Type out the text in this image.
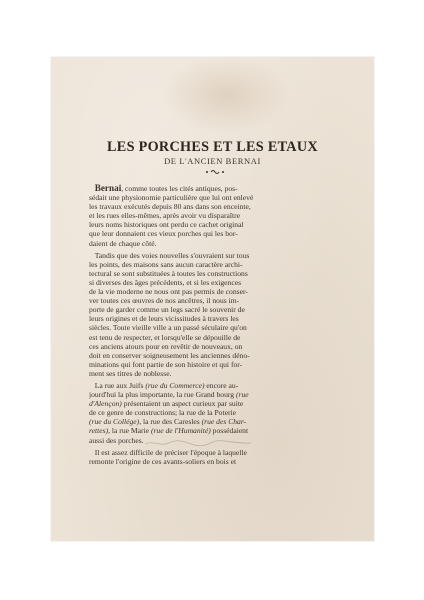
LES PORCHES ET LES ETAUX
DE L'ANCIEN BERNAI
Bernai, comme toutes les cités antiques, pos-
sédait une physionomie particulière que lui ont enlevé
les travaux exécutés depuis 80 ans dans son enceinte,
et les rues elles-mêmes, après avoir vu disparaître
leurs noms historiques ont perdu ce cachet original
que leur donnaient ces vieux porches qui les bor-
daient de chaque côté.
Tandis que des voies nouvelles s'ouvraient sur tous
les points, des maisons sans aucun caractère archi-
tectural se sont substituées à toutes les constructions
si diverses des âges précédents, et si les exigences
de la vie moderne ne nous ont pas permis de conser-
ver toutes ces œuvres de nos ancêtres, il nous im-
porte de garder comme un legs sacré le souvenir de
leurs origines et de leurs vicissitudes à travers les
siècles. Toute vieille ville a un passé séculaire qu'on
est tenu de respecter, et lorsqu'elle se dépouille de
ces anciens atours pour en revêtir de nouveaux, on
doit en conserver soigneusement les anciennes déno-
minations qui font partie de son histoire et qui for-
ment ses titres de noblesse.
La rue aux Juifs (rue du Commerce) encore au-
jourd'hui la plus importante, la rue Grand bourg (rue
d'Alençon) présentaient un aspect curieux par suite
de ce genre de constructions; la rue de la Poterie
(rue du Collége), la rue des Caresles (rue des Char-
rettes), la rue Marie (rue de l'Humanité) possédaient
aussi des porches.
Il est assez difficile de préciser l'époque à laquelle
remonte l'origine de ces avants-soliers en bois et
